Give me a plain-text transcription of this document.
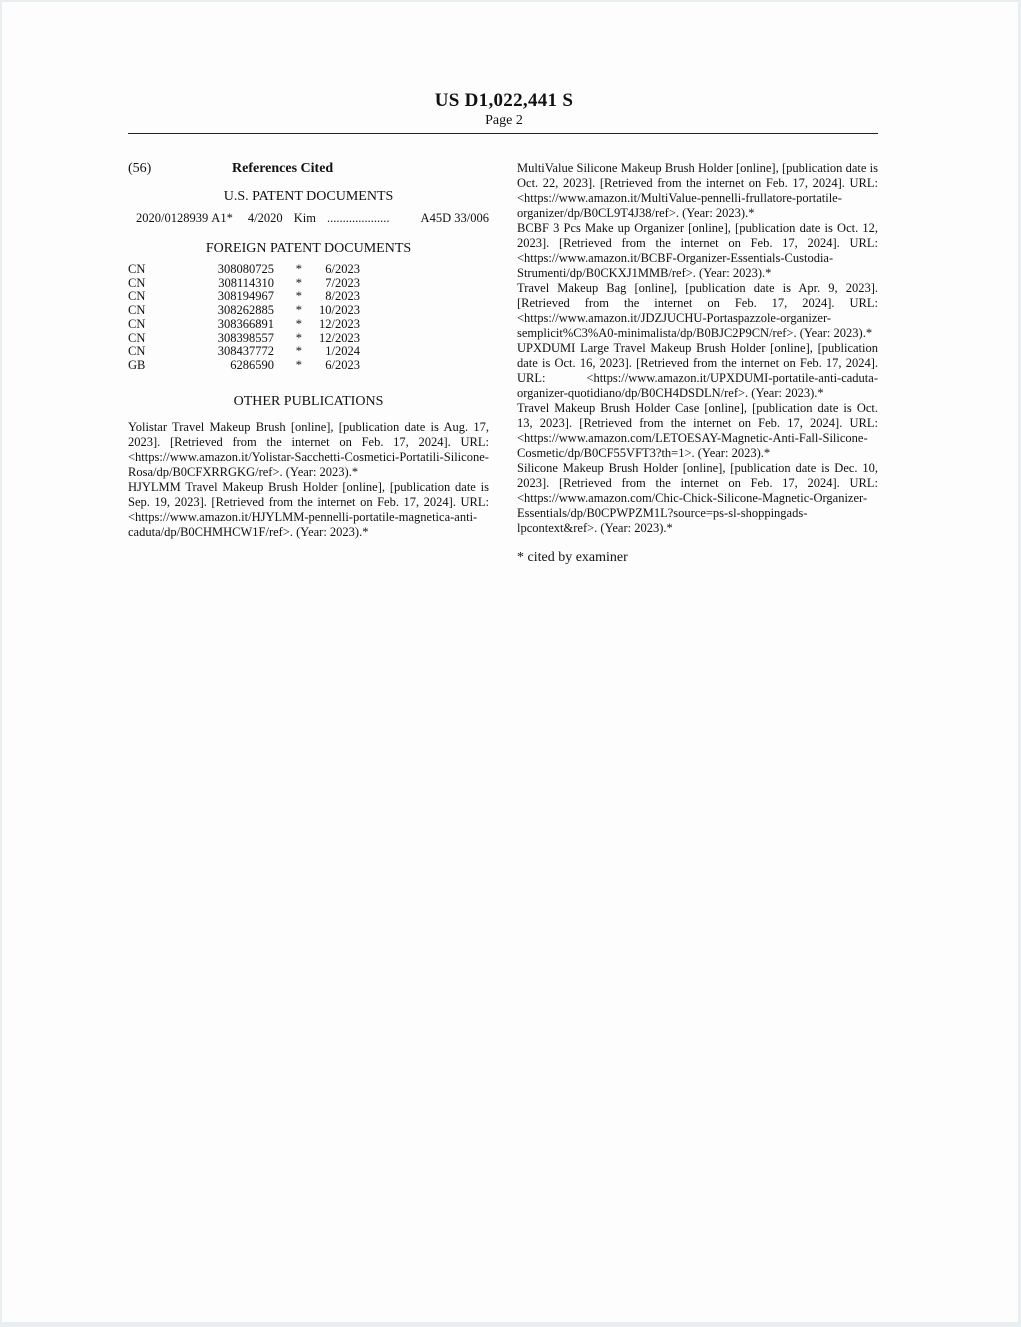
US D1,022,441 S
Page 2
(56)	References Cited
U.S. PATENT DOCUMENTS
2020/0128939 A1* 4/2020 Kim .................... A45D 33/006
FOREIGN PATENT DOCUMENTS
CN	308080725	*	6/2023
CN	308114310	*	7/2023
CN	308194967	*	8/2023
CN	308262885	*	10/2023
CN	308366891	*	12/2023
CN	308398557	*	12/2023
CN	308437772	*	1/2024
GB	6286590	*	6/2023
OTHER PUBLICATIONS

Yolistar Travel Makeup Brush [online], [publication date is Aug. 17, 2023]. [Retrieved from the internet on Feb. 17, 2024]. URL: <https://www.amazon.it/Yolistar-Sacchetti-Cosmetici-Portatili-Silicone-Rosa/dp/B0CFXRRGKG/ref>. (Year: 2023).*

HJYLMM Travel Makeup Brush Holder [online], [publication date is Sep. 19, 2023]. [Retrieved from the internet on Feb. 17, 2024]. URL: <https://www.amazon.it/HJYLMM-pennelli-portatile-magnetica-anti-caduta/dp/B0CHMHCW1F/ref>. (Year: 2023).*

MultiValue Silicone Makeup Brush Holder [online], [publication date is Oct. 22, 2023]. [Retrieved from the internet on Feb. 17, 2024]. URL: <https://www.amazon.it/MultiValue-pennelli-frullatore-portatile-organizer/dp/B0CL9T4J38/ref>. (Year: 2023).*

BCBF 3 Pcs Make up Organizer [online], [publication date is Oct. 12, 2023]. [Retrieved from the internet on Feb. 17, 2024]. URL: <https://www.amazon.it/BCBF-Organizer-Essentials-Custodia-Strumenti/dp/B0CKXJ1MMB/ref>. (Year: 2023).*

Travel Makeup Bag [online], [publication date is Apr. 9, 2023]. [Retrieved from the internet on Feb. 17, 2024]. URL: <https://www.amazon.it/JDZJUCHU-Portaspazzole-organizer-semplicit%C3%A0-minimalista/dp/B0BJC2P9CN/ref>. (Year: 2023).*

UPXDUMI Large Travel Makeup Brush Holder [online], [publication date is Oct. 16, 2023]. [Retrieved from the internet on Feb. 17, 2024]. URL: <https://www.amazon.it/UPXDUMI-portatile-anti-caduta-organizer-quotidiano/dp/B0CH4DSDLN/ref>. (Year: 2023).*

Travel Makeup Brush Holder Case [online], [publication date is Oct. 13, 2023]. [Retrieved from the internet on Feb. 17, 2024]. URL: <https://www.amazon.com/LETOESAY-Magnetic-Anti-Fall-Silicone-Cosmetic/dp/B0CF55VFT3?th=1>. (Year: 2023).*

Silicone Makeup Brush Holder [online], [publication date is Dec. 10, 2023]. [Retrieved from the internet on Feb. 17, 2024]. URL: <https://www.amazon.com/Chic-Chick-Silicone-Magnetic-Organizer-Essentials/dp/B0CPWPZM1L?source=ps-sl-shoppingads-lpcontext&ref>. (Year: 2023).*

* cited by examiner
